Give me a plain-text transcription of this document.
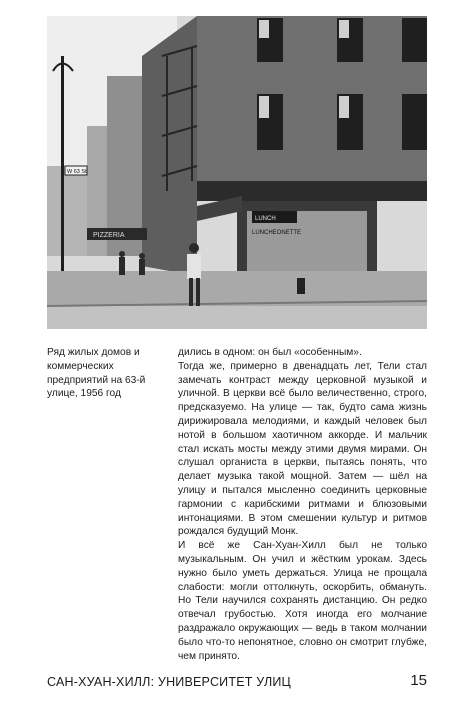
LUNCH
LUNCHEONETTE
PIZZERIA
W 63 St
Ряд жилых домов и коммерческих предприятий на 63-й улице, 1956 год

дились в одном: он был «особенным».

Тогда же, примерно в двенадцать лет, Тели стал замечать контраст между церковной музыкой и уличной. В церкви всё было величественно, строго, предсказуемо. На улице — так, будто сама жизнь дирижировала мелодиями, и каждый человек был нотой в большом хаотичном аккорде. И мальчик стал искать мосты между этими двумя мирами. Он слушал органиста в церкви, пытаясь понять, что делает музыка такой мощной. Затем — шёл на улицу и пытался мысленно соединить церковные гармонии с карибскими ритмами и блюзовыми интонациями. В этом смешении культур и ритмов рождался будущий Монк.

И всё же Сан-Хуан-Хилл был не только музыкальным. Он учил и жёстким урокам. Здесь нужно было уметь держаться. Улица не прощала слабости: могли оттолкнуть, оскорбить, обмануть. Но Тели научился сохранять дистанцию. Он редко отвечал грубостью. Хотя иногда его молчание раздражало окружающих — ведь в таком молчании было что-то непонятное, словно он смотрит глубже, чем принято.

САН-ХУАН-ХИЛЛ: УНИВЕРСИТЕТ УЛИЦ	15
